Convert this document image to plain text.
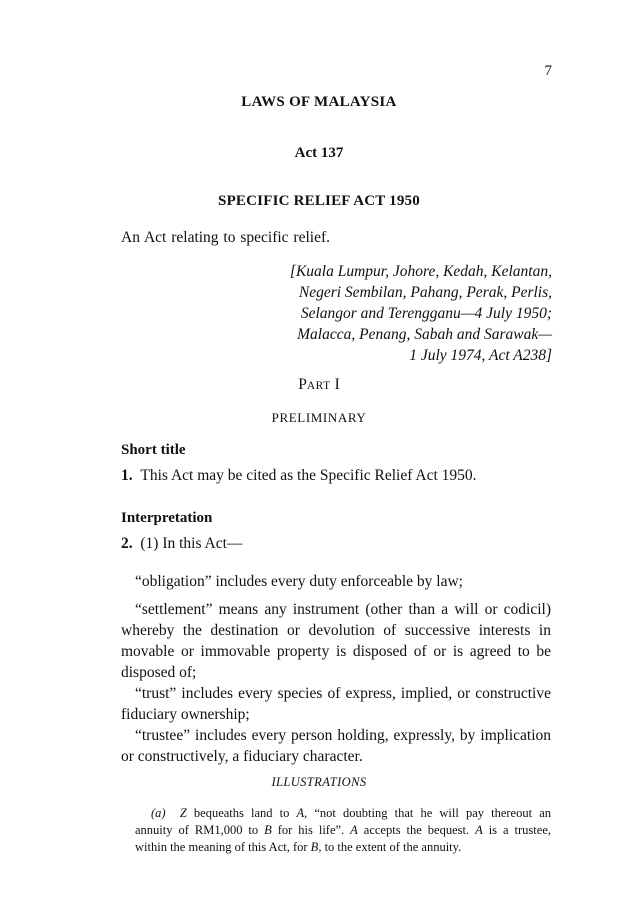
7
LAWS OF MALAYSIA
Act 137
SPECIFIC RELIEF ACT 1950
An Act relating to specific relief.
[Kuala Lumpur, Johore, Kedah, Kelantan,
Negeri Sembilan, Pahang, Perak, Perlis,
Selangor and Terengganu—4 July 1950;
Malacca, Penang, Sabah and Sarawak—
1 July 1974, Act A238]
PART I
PRELIMINARY
Short title
1. This Act may be cited as the Specific Relief Act 1950.
Interpretation
2. (1) In this Act—
“obligation” includes every duty enforceable by law;
“settlement” means any instrument (other than a will or codicil)
whereby the destination or devolution of successive interests in
movable or immovable property is disposed of or is agreed to be
disposed of;
“trust” includes every species of express, implied, or constructive
fiduciary ownership;
“trustee” includes every person holding, expressly, by implication
or constructively, a fiduciary character.
ILLUSTRATIONS
(a) Z bequeaths land to A, “not doubting that he will pay thereout an
annuity of RM1,000 to B for his life”. A accepts the bequest. A is a trustee,
within the meaning of this Act, for B, to the extent of the annuity.
